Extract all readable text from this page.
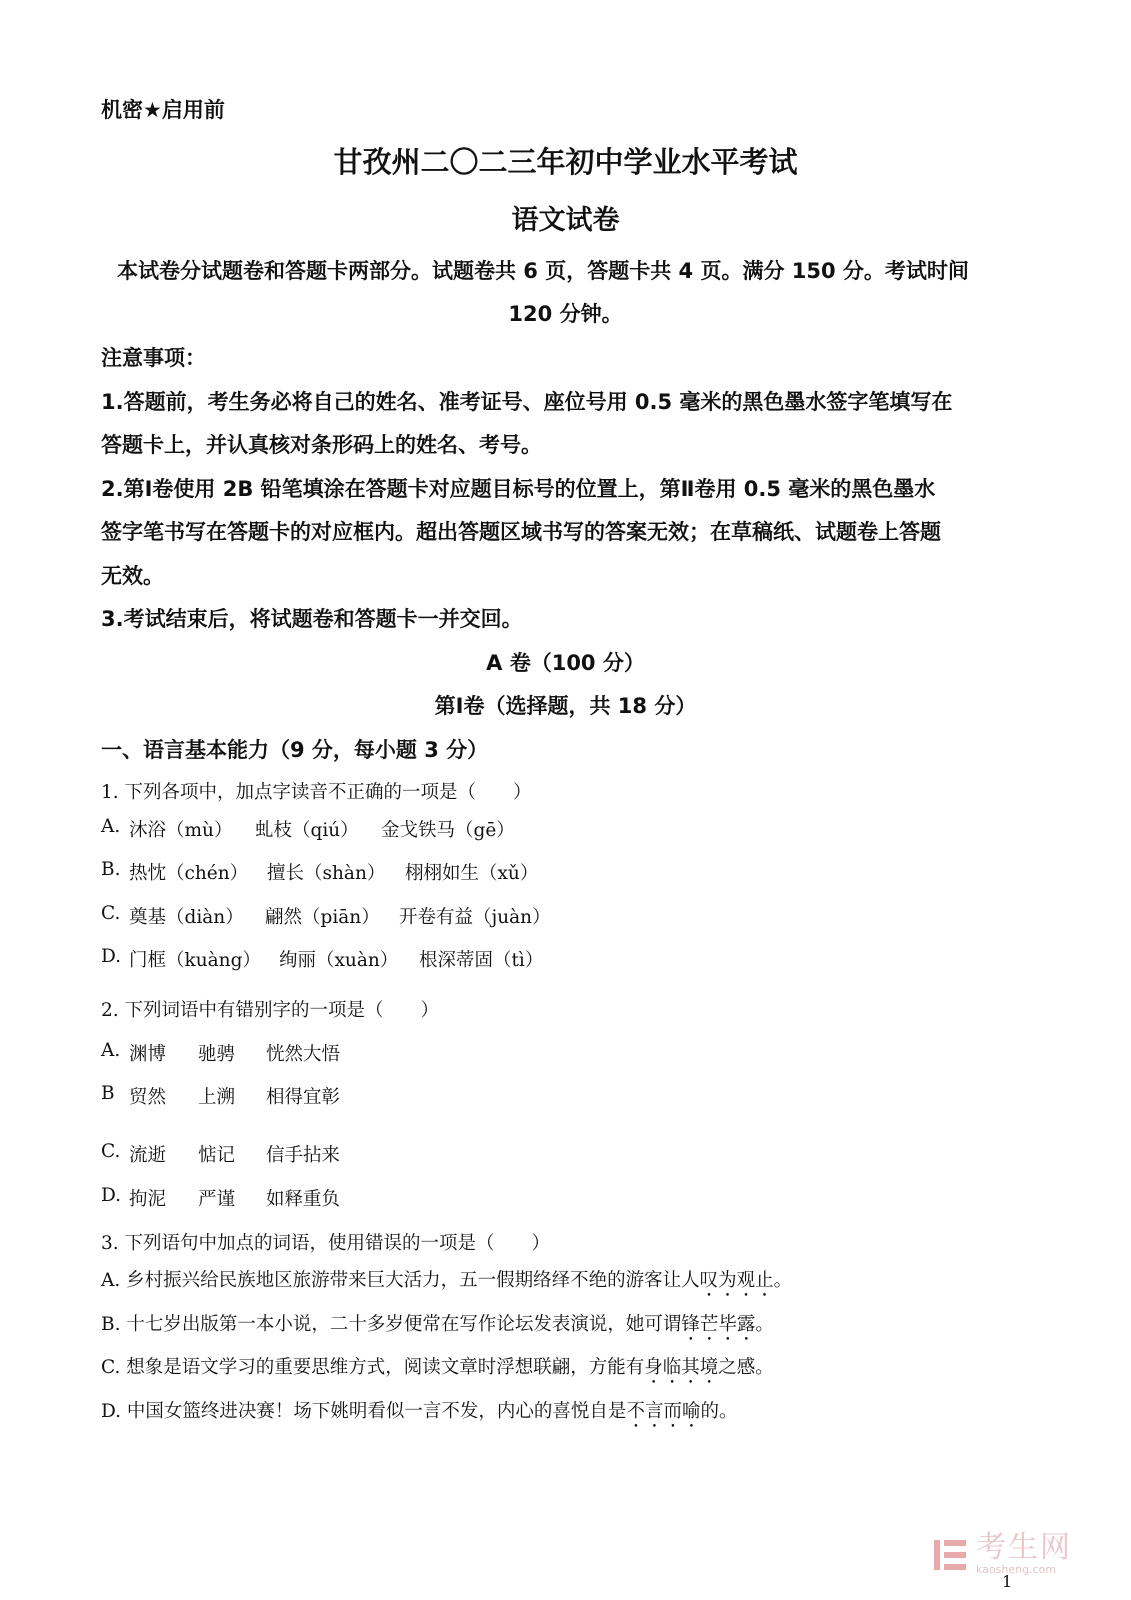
机密★启用前
甘孜州二〇二三年初中学业水平考试
语文试卷
本试卷分试题卷和答题卡两部分。试题卷共 6 页，答题卡共 4 页。满分 150 分。考试时间
120 分钟。
注意事项：
1.答题前，考生务必将自己的姓名、准考证号、座位号用 0.5 毫米的黑色墨水签字笔填写在
答题卡上，并认真核对条形码上的姓名、考号。
2.第Ⅰ卷使用 2B 铅笔填涂在答题卡对应题目标号的位置上，第Ⅱ卷用 0.5 毫米的黑色墨水
签字笔书写在答题卡的对应框内。超出答题区域书写的答案无效；在草稿纸、试题卷上答题
无效。
3.考试结束后，将试题卷和答题卡一并交回。
A 卷（100 分）
第Ⅰ卷（选择题，共 18 分）
一、语言基本能力（9 分，每小题 3 分）
1. 下列各项中，加点字读音不正确的一项是（　　）
A. 沐浴（mù）	虬枝（qiú）	金戈铁马（gē）
B. 热忱（chén）	擅长（shàn）	栩栩如生（xǔ）
C. 奠基（diàn）	翩然（piān）	开卷有益（juàn）
D. 门框（kuàng） 绚丽（xuàn）	根深蒂固（tì）
2. 下列词语中有错别字的一项是（　　）
A. 渊博	驰骋	恍然大悟
B 贸然	上溯	相得宜彰
C. 流逝	惦记	信手拈来
D. 拘泥	严谨	如释重负
3. 下列语句中加点的词语，使用错误的一项是（　　）
A. 乡村振兴给民族地区旅游带来巨大活力，五一假期络绎不绝的游客让人 叹为观止 。
B. 十七岁出版第一本小说，二十多岁便常在写作论坛发表演说，她可谓 锋芒毕露 。
C. 想象是语文学习的重要思维方式，阅读文章时浮想联翩，方能有 身临其境 之感。
D. 中国女篮终进决赛！场下姚明看似一言不发，内心的喜悦自是 不言而喻 的。
考生网
kaosheng.com
1
